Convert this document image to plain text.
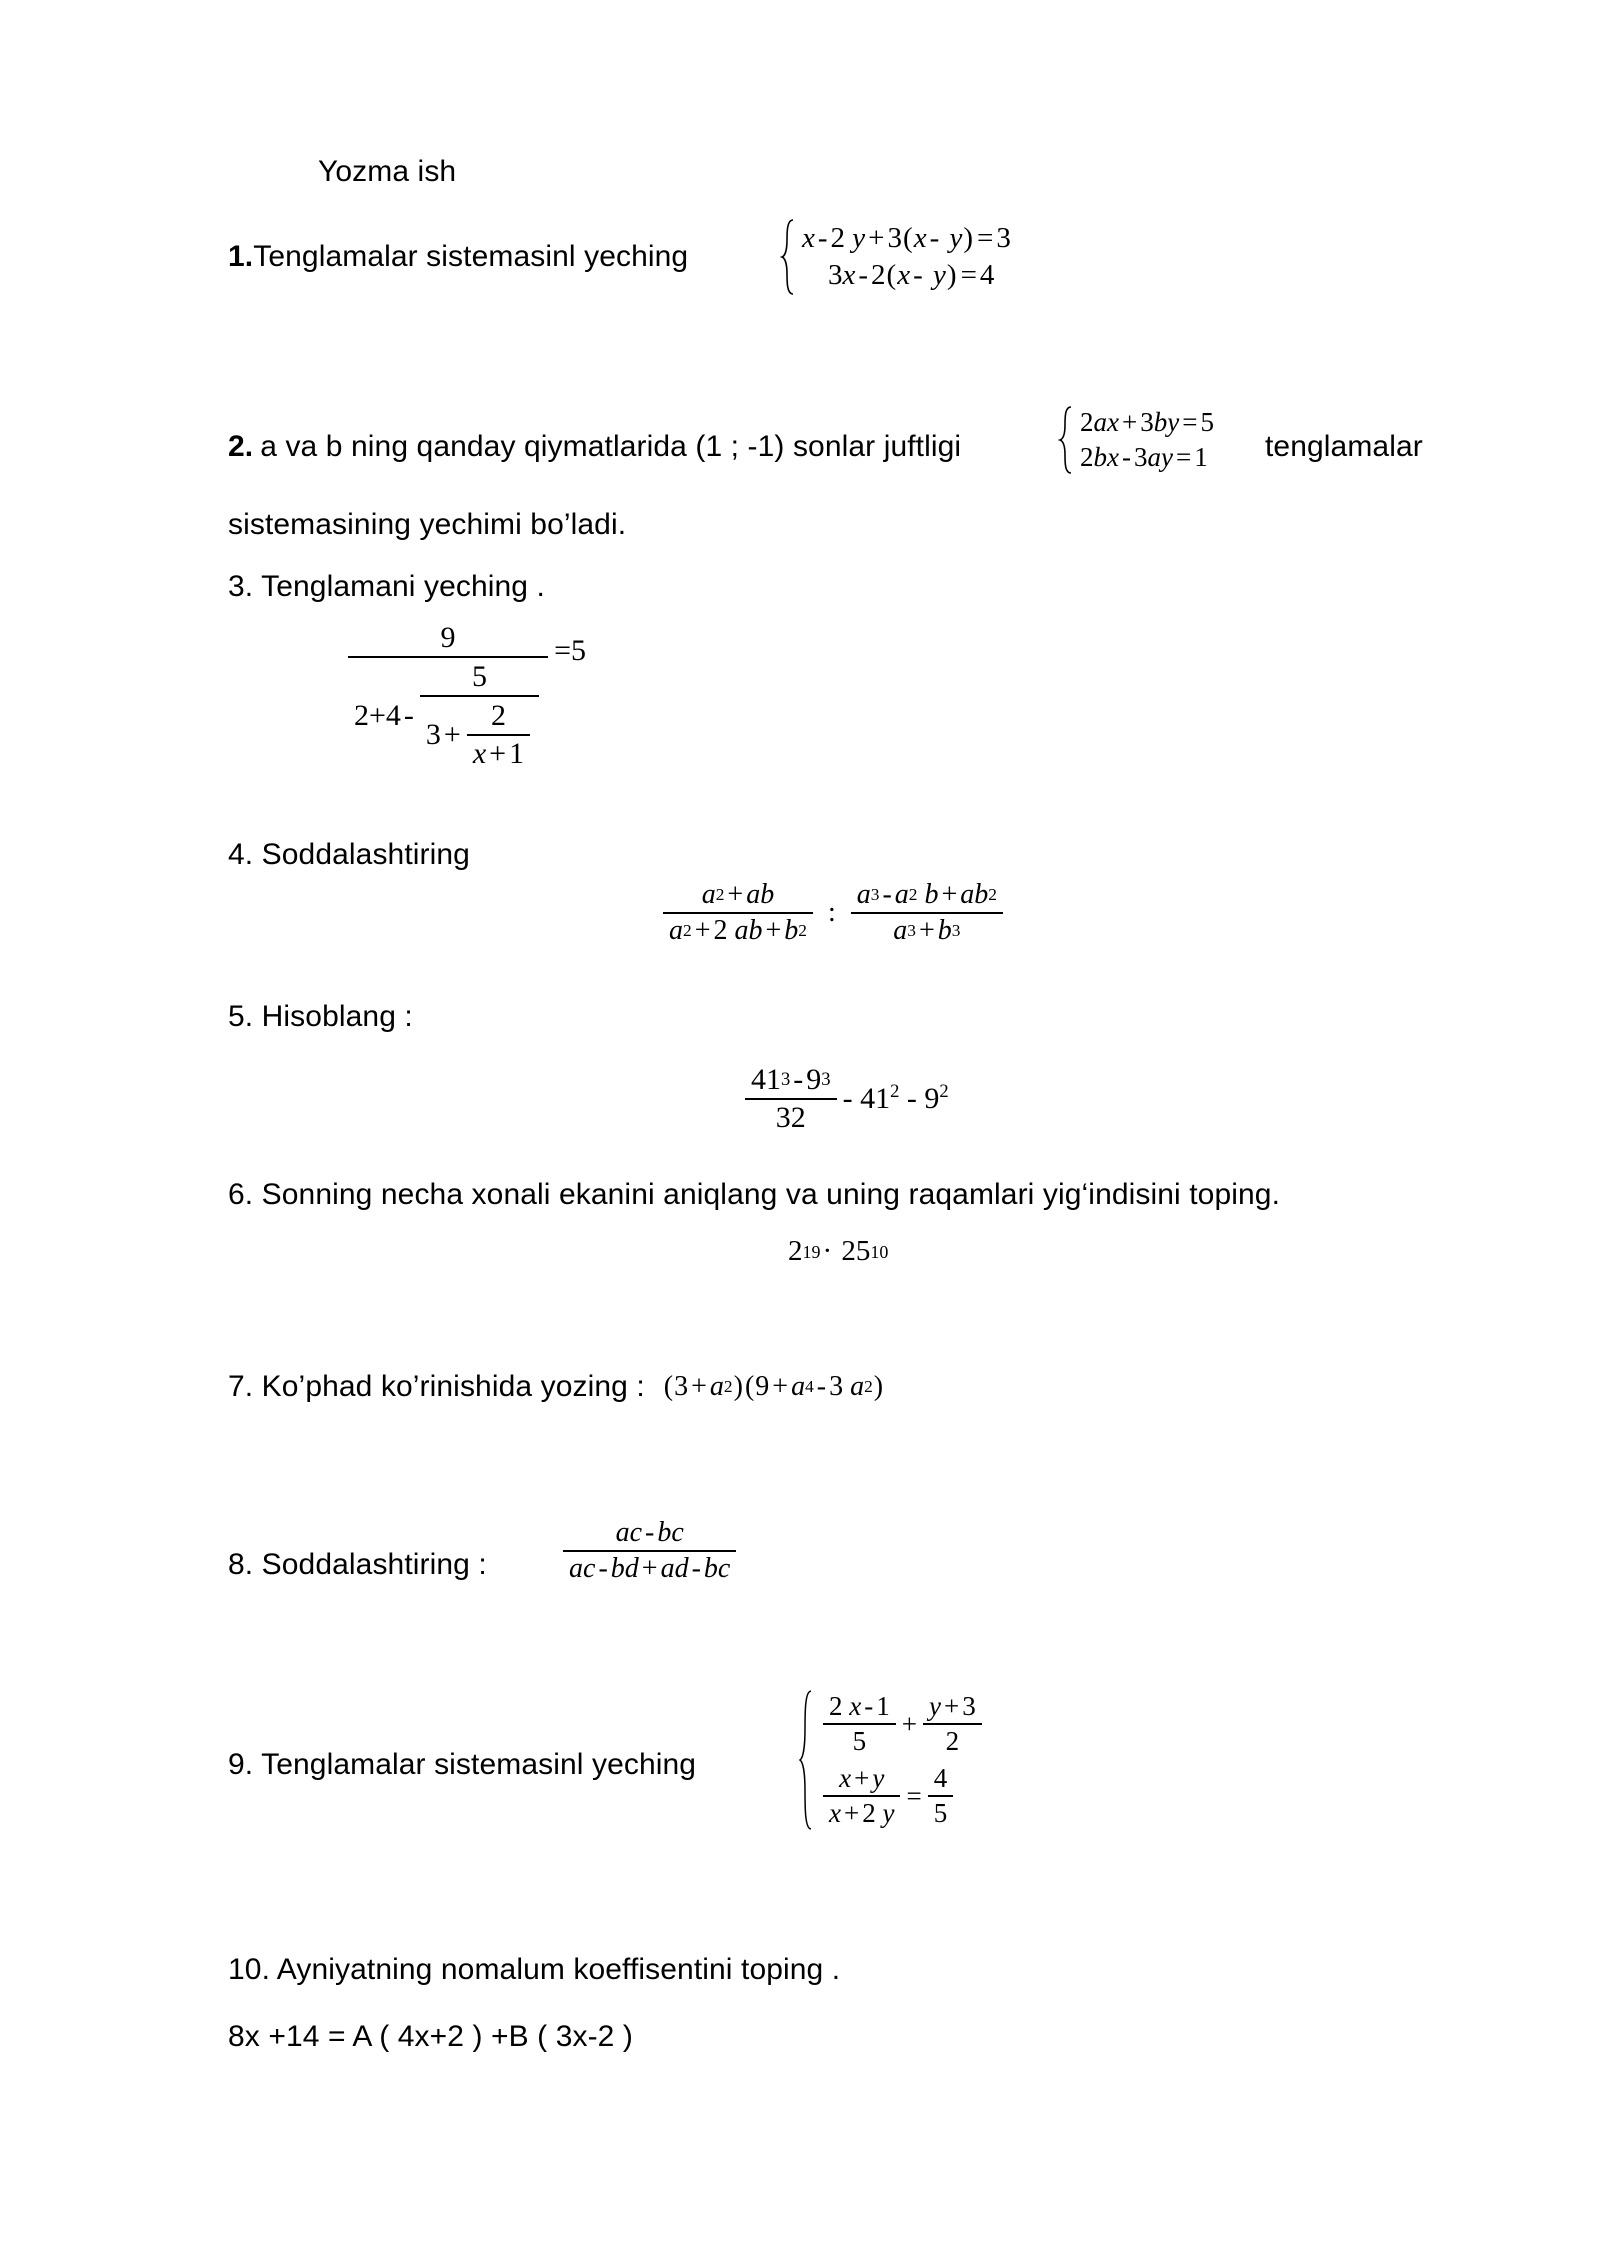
Yozma ish
1. Tenglamalar sistemasinl yeching
x - 2 y + 3 ( x - y ) = 3
3 x - 2 ( x - y ) = 4
2. a va b ning qanday qiymatlarida (1 ; -1) sonlar juftligi
2 ax + 3 by = 5
2 bx - 3 ay = 1 tenglamalar
sistemasining yechimi bo’ladi.
3. Tenglamani yeching .
9
2+4 -
5
$3 + \frac{2}{x + 1}$
=5
4. Soddalashtiring
$\frac{a 2 + ab}{a 2 + 2 ab + b 2}$ : $\frac{a 3 - a 2 b + ab 2}{a 3 + b 3}$
5. Hisoblang :
$\frac{41 3 - 9 3}{32} - 41^2 - 9^2$
6. Sonning necha xonali ekanini aniqlang va uning raqamlari yig‘indisini toping.
2 19 · 25 10
7. Ko’phad ko’rinishida yozing : ( 3 + a 2 ) ( 9 + a 4 - 3 a 2 )
8. Soddalashtiring :	$\frac{ac - bc}{ac - bd + ad - bc}$
9. Tenglamalar sistemasinl yeching
$\frac{2 x - 1}{5} + \frac{y + 3}{2}$
$\frac{x + y}{x + 2 y} = \frac{4}{5}$
10. Ayniyatning nomalum koeffisentini toping .
8x +14 = A ( 4x+2 ) +B ( 3x-2 )
